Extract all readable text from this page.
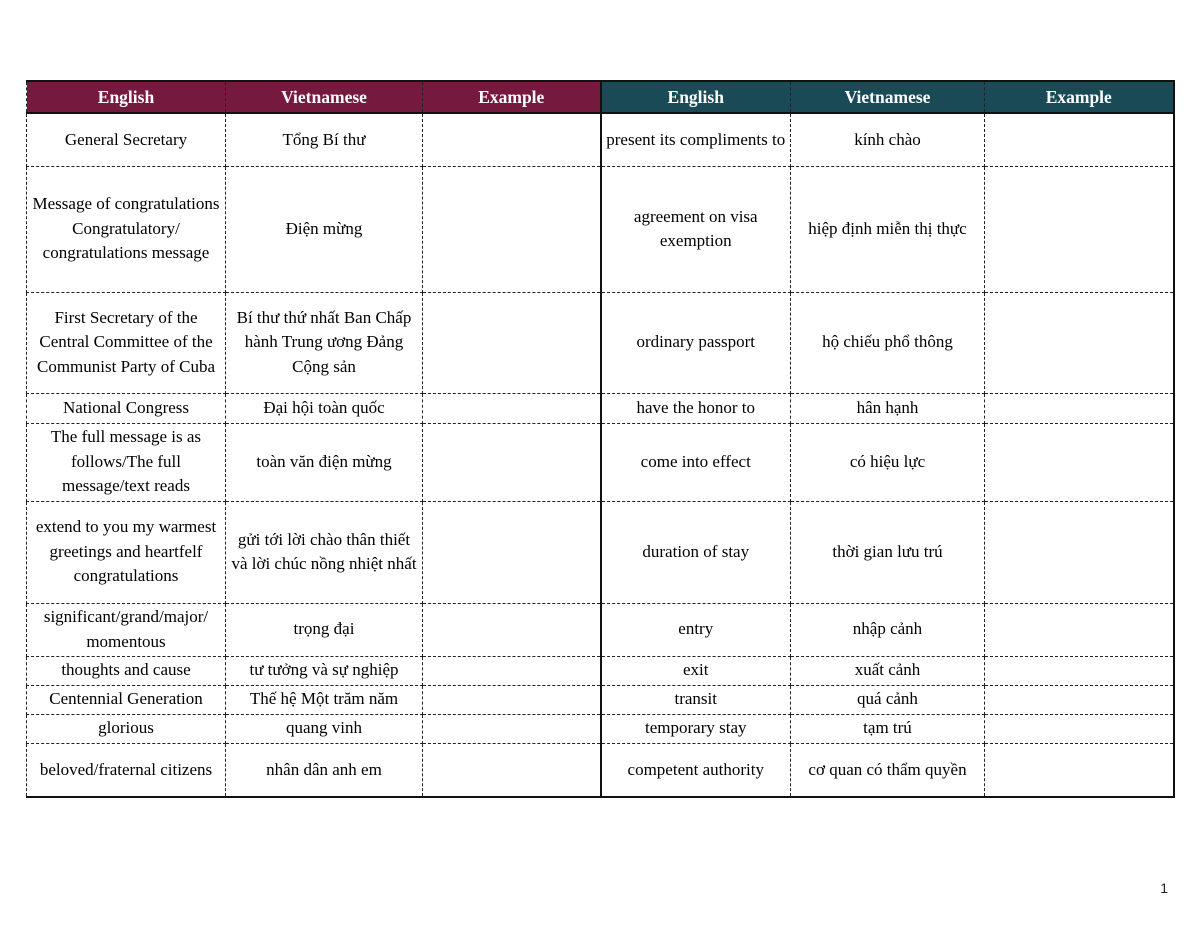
English	Vietnamese	Example	English	Vietnamese	Example
General Secretary	Tổng Bí thư		present its compliments to	kính chào	
Message of congratulations Congratulatory/ congratulations message	Điện mừng		agreement on visa exemption	hiệp định miễn thị thực	
First Secretary of the Central Committee of the Communist Party of Cuba	Bí thư thứ nhất Ban Chấp hành Trung ương Đảng Cộng sản		ordinary passport	hộ chiếu phổ thông	
National Congress	Đại hội toàn quốc		have the honor to	hân hạnh	
The full message is as follows/The full message/text reads	toàn văn điện mừng		come into effect	có hiệu lực	
extend to you my warmest greetings and heartfelf congratulations	gửi tới lời chào thân thiết và lời chúc nồng nhiệt nhất		duration of stay	thời gian lưu trú	
significant/grand/major/ momentous	trọng đại		entry	nhập cảnh	
thoughts and cause	tư tưởng và sự nghiệp		exit	xuất cảnh	
Centennial Generation	Thế hệ Một trăm năm		transit	quá cảnh	
glorious	quang vinh		temporary stay	tạm trú	
beloved/fraternal citizens	nhân dân anh em		competent authority	cơ quan có thẩm quyền	
1
